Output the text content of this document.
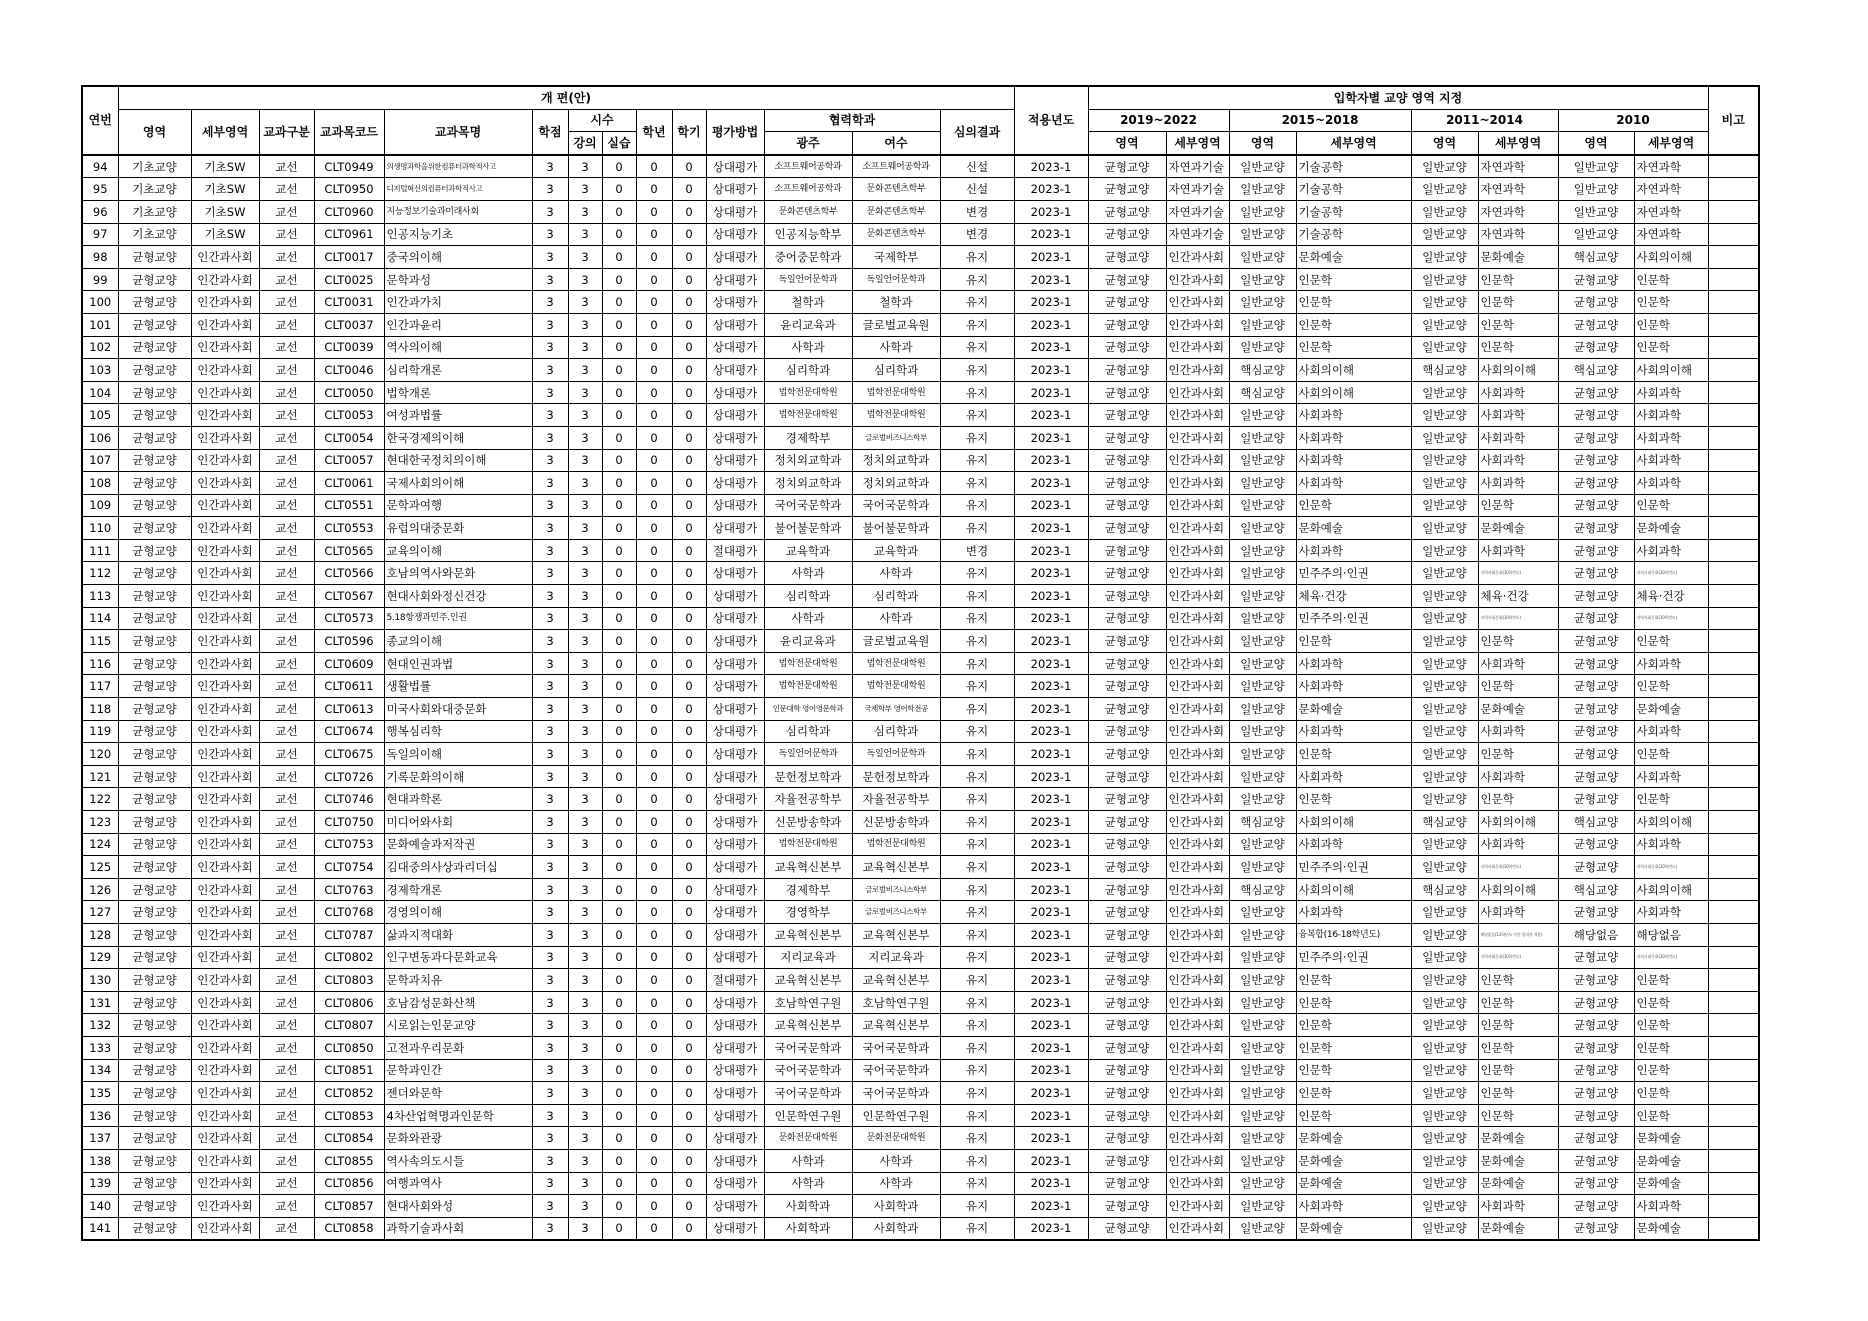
연번	개 편(안)														적용년도	입학자별 교양 영역 지정								비고
	영역	세부영역	교과구분	교과목코드	교과목명	학점	시수		학년	학기	평가방법	협력학과		심의결과		2019~2022		2015~2018		2011~2014		2010		
							강의	실습				광주	여수			영역	세부영역	영역	세부영역	영역	세부영역	영역	세부영역	
94	기초교양	기초SW	교선	CLT0949	의생명과학을위한컴퓨터과학적사고	3	3	0	0	0	상대평가	소프트웨어공학과	소프트웨어공학과	신설	2023-1	균형교양	자연과기술	일반교양	기술공학	일반교양	자연과학	일반교양	자연과학	
95	기초교양	기초SW	교선	CLT0950	디지털혁신의컴퓨터과학적사고	3	3	0	0	0	상대평가	소프트웨어공학과	문화콘텐츠학부	신설	2023-1	균형교양	자연과기술	일반교양	기술공학	일반교양	자연과학	일반교양	자연과학	
96	기초교양	기초SW	교선	CLT0960	지능정보기술과미래사회	3	3	0	0	0	상대평가	문화콘텐츠학부	문화콘텐츠학부	변경	2023-1	균형교양	자연과기술	일반교양	기술공학	일반교양	자연과학	일반교양	자연과학	
97	기초교양	기초SW	교선	CLT0961	인공지능기초	3	3	0	0	0	상대평가	인공지능학부	문화콘텐츠학부	변경	2023-1	균형교양	자연과기술	일반교양	기술공학	일반교양	자연과학	일반교양	자연과학	
98	균형교양	인간과사회	교선	CLT0017	중국의이해	3	3	0	0	0	상대평가	중어중문학과	국제학부	유지	2023-1	균형교양	인간과사회	일반교양	문화예술	일반교양	문화예술	핵심교양	사회의이해	
99	균형교양	인간과사회	교선	CLT0025	문학과성	3	3	0	0	0	상대평가	독일언어문학과	독일언어문학과	유지	2023-1	균형교양	인간과사회	일반교양	인문학	일반교양	인문학	균형교양	인문학	
100	균형교양	인간과사회	교선	CLT0031	인간과가치	3	3	0	0	0	상대평가	철학과	철학과	유지	2023-1	균형교양	인간과사회	일반교양	인문학	일반교양	인문학	균형교양	인문학	
101	균형교양	인간과사회	교선	CLT0037	인간과윤리	3	3	0	0	0	상대평가	윤리교육과	글로벌교육원	유지	2023-1	균형교양	인간과사회	일반교양	인문학	일반교양	인문학	균형교양	인문학	
102	균형교양	인간과사회	교선	CLT0039	역사의이해	3	3	0	0	0	상대평가	사학과	사학과	유지	2023-1	균형교양	인간과사회	일반교양	인문학	일반교양	인문학	균형교양	인문학	
103	균형교양	인간과사회	교선	CLT0046	심리학개론	3	3	0	0	0	상대평가	심리학과	심리학과	유지	2023-1	균형교양	인간과사회	핵심교양	사회의이해	핵심교양	사회의이해	핵심교양	사회의이해	
104	균형교양	인간과사회	교선	CLT0050	법학개론	3	3	0	0	0	상대평가	법학전문대학원	법학전문대학원	유지	2023-1	균형교양	인간과사회	핵심교양	사회의이해	일반교양	사회과학	균형교양	사회과학	
105	균형교양	인간과사회	교선	CLT0053	여성과법률	3	3	0	0	0	상대평가	법학전문대학원	법학전문대학원	유지	2023-1	균형교양	인간과사회	일반교양	사회과학	일반교양	사회과학	균형교양	사회과학	
106	균형교양	인간과사회	교선	CLT0054	한국경제의이해	3	3	0	0	0	상대평가	경제학부	글로벌비즈니스학부	유지	2023-1	균형교양	인간과사회	일반교양	사회과학	일반교양	사회과학	균형교양	사회과학	
107	균형교양	인간과사회	교선	CLT0057	현대한국정치의이해	3	3	0	0	0	상대평가	정치외교학과	정치외교학과	유지	2023-1	균형교양	인간과사회	일반교양	사회과학	일반교양	사회과학	균형교양	사회과학	
108	균형교양	인간과사회	교선	CLT0061	국제사회의이해	3	3	0	0	0	상대평가	정치외교학과	정치외교학과	유지	2023-1	균형교양	인간과사회	일반교양	사회과학	일반교양	사회과학	균형교양	사회과학	
109	균형교양	인간과사회	교선	CLT0551	문학과여행	3	3	0	0	0	상대평가	국어국문학과	국어국문학과	유지	2023-1	균형교양	인간과사회	일반교양	인문학	일반교양	인문학	균형교양	인문학	
110	균형교양	인간과사회	교선	CLT0553	유럽의대중문화	3	3	0	0	0	상대평가	불어불문학과	불어불문학과	유지	2023-1	균형교양	인간과사회	일반교양	문화예술	일반교양	문화예술	균형교양	문화예술	
111	균형교양	인간과사회	교선	CLT0565	교육의이해	3	3	0	0	0	절대평가	교육학과	교육학과	변경	2023-1	균형교양	인간과사회	일반교양	사회과학	일반교양	사회과학	균형교양	사회과학	
112	균형교양	인간과사회	교선	CLT0566	호남의역사와문화	3	3	0	0	0	상대평가	사학과	사학과	유지	2023-1	균형교양	인간과사회	일반교양	민주주의·인권	일반교양	지역사회문화(10학번도)	균형교양	지역사회문화(10학번도)	
113	균형교양	인간과사회	교선	CLT0567	현대사회와정신건강	3	3	0	0	0	상대평가	심리학과	심리학과	유지	2023-1	균형교양	인간과사회	일반교양	체육·건강	일반교양	체육·건강	균형교양	체육·건강	
114	균형교양	인간과사회	교선	CLT0573	5.18항쟁과민주.인권	3	3	0	0	0	상대평가	사학과	사학과	유지	2023-1	균형교양	인간과사회	일반교양	민주주의·인권	일반교양	지역사회문화(10학번도)	균형교양	지역사회문화(10학번도)	
115	균형교양	인간과사회	교선	CLT0596	종교의이해	3	3	0	0	0	상대평가	윤리교육과	글로벌교육원	유지	2023-1	균형교양	인간과사회	일반교양	인문학	일반교양	인문학	균형교양	인문학	
116	균형교양	인간과사회	교선	CLT0609	현대인권과법	3	3	0	0	0	상대평가	법학전문대학원	법학전문대학원	유지	2023-1	균형교양	인간과사회	일반교양	사회과학	일반교양	사회과학	균형교양	사회과학	
117	균형교양	인간과사회	교선	CLT0611	생활법률	3	3	0	0	0	상대평가	법학전문대학원	법학전문대학원	유지	2023-1	균형교양	인간과사회	일반교양	사회과학	일반교양	인문학	균형교양	인문학	
118	균형교양	인간과사회	교선	CLT0613	미국사회와대중문화	3	3	0	0	0	상대평가	인문대학 영어영문학과	국제학부 영어학전공	유지	2023-1	균형교양	인간과사회	일반교양	문화예술	일반교양	문화예술	균형교양	문화예술	
119	균형교양	인간과사회	교선	CLT0674	행복심리학	3	3	0	0	0	상대평가	심리학과	심리학과	유지	2023-1	균형교양	인간과사회	일반교양	사회과학	일반교양	사회과학	균형교양	사회과학	
120	균형교양	인간과사회	교선	CLT0675	독일의이해	3	3	0	0	0	상대평가	독일언어문학과	독일언어문학과	유지	2023-1	균형교양	인간과사회	일반교양	인문학	일반교양	인문학	균형교양	인문학	
121	균형교양	인간과사회	교선	CLT0726	기록문화의이해	3	3	0	0	0	상대평가	문헌정보학과	문헌정보학과	유지	2023-1	균형교양	인간과사회	일반교양	사회과학	일반교양	사회과학	균형교양	사회과학	
122	균형교양	인간과사회	교선	CLT0746	현대과학론	3	3	0	0	0	상대평가	자율전공학부	자율전공학부	유지	2023-1	균형교양	인간과사회	일반교양	인문학	일반교양	인문학	균형교양	인문학	
123	균형교양	인간과사회	교선	CLT0750	미디어와사회	3	3	0	0	0	상대평가	신문방송학과	신문방송학과	유지	2023-1	균형교양	인간과사회	핵심교양	사회의이해	핵심교양	사회의이해	핵심교양	사회의이해	
124	균형교양	인간과사회	교선	CLT0753	문화예술과저작권	3	3	0	0	0	상대평가	법학전문대학원	법학전문대학원	유지	2023-1	균형교양	인간과사회	일반교양	사회과학	일반교양	사회과학	균형교양	사회과학	
125	균형교양	인간과사회	교선	CLT0754	김대중의사상과리더십	3	3	0	0	0	상대평가	교육혁신본부	교육혁신본부	유지	2023-1	균형교양	인간과사회	일반교양	민주주의·인권	일반교양	지역사회문화(10학번도)	균형교양	지역사회문화(10학번도)	
126	균형교양	인간과사회	교선	CLT0763	경제학개론	3	3	0	0	0	상대평가	경제학부	글로벌비즈니스학부	유지	2023-1	균형교양	인간과사회	핵심교양	사회의이해	핵심교양	사회의이해	핵심교양	사회의이해	
127	균형교양	인간과사회	교선	CLT0768	경영의이해	3	3	0	0	0	상대평가	경영학부	글로벌비즈니스학부	유지	2023-1	균형교양	인간과사회	일반교양	사회과학	일반교양	사회과학	균형교양	사회과학	
128	균형교양	인간과사회	교선	CLT0787	삶과지적대화	3	3	0	0	0	상대평가	교육혁신본부	교육혁신본부	유지	2023-1	균형교양	인간과사회	일반교양	융복합(16-18학년도)	일반교양	해당없음(13학년도 이전 입학자 적용)	해당없음	해당없음	
129	균형교양	인간과사회	교선	CLT0802	인구변동과다문화교육	3	3	0	0	0	상대평가	지리교육과	지리교육과	유지	2023-1	균형교양	인간과사회	일반교양	민주주의·인권	일반교양	지역사회문화(10학번도)	균형교양	지역사회문화(10학번도)	
130	균형교양	인간과사회	교선	CLT0803	문학과치유	3	3	0	0	0	절대평가	교육혁신본부	교육혁신본부	유지	2023-1	균형교양	인간과사회	일반교양	인문학	일반교양	인문학	균형교양	인문학	
131	균형교양	인간과사회	교선	CLT0806	호남감성문화산책	3	3	0	0	0	상대평가	호남학연구원	호남학연구원	유지	2023-1	균형교양	인간과사회	일반교양	인문학	일반교양	인문학	균형교양	인문학	
132	균형교양	인간과사회	교선	CLT0807	시로읽는인문교양	3	3	0	0	0	상대평가	교육혁신본부	교육혁신본부	유지	2023-1	균형교양	인간과사회	일반교양	인문학	일반교양	인문학	균형교양	인문학	
133	균형교양	인간과사회	교선	CLT0850	고전과우리문화	3	3	0	0	0	상대평가	국어국문학과	국어국문학과	유지	2023-1	균형교양	인간과사회	일반교양	인문학	일반교양	인문학	균형교양	인문학	
134	균형교양	인간과사회	교선	CLT0851	문학과인간	3	3	0	0	0	상대평가	국어국문학과	국어국문학과	유지	2023-1	균형교양	인간과사회	일반교양	인문학	일반교양	인문학	균형교양	인문학	
135	균형교양	인간과사회	교선	CLT0852	젠더와문학	3	3	0	0	0	상대평가	국어국문학과	국어국문학과	유지	2023-1	균형교양	인간과사회	일반교양	인문학	일반교양	인문학	균형교양	인문학	
136	균형교양	인간과사회	교선	CLT0853	4차산업혁명과인문학	3	3	0	0	0	상대평가	인문학연구원	인문학연구원	유지	2023-1	균형교양	인간과사회	일반교양	인문학	일반교양	인문학	균형교양	인문학	
137	균형교양	인간과사회	교선	CLT0854	문화와관광	3	3	0	0	0	상대평가	문화전문대학원	문화전문대학원	유지	2023-1	균형교양	인간과사회	일반교양	문화예술	일반교양	문화예술	균형교양	문화예술	
138	균형교양	인간과사회	교선	CLT0855	역사속의도시들	3	3	0	0	0	상대평가	사학과	사학과	유지	2023-1	균형교양	인간과사회	일반교양	문화예술	일반교양	문화예술	균형교양	문화예술	
139	균형교양	인간과사회	교선	CLT0856	여행과역사	3	3	0	0	0	상대평가	사학과	사학과	유지	2023-1	균형교양	인간과사회	일반교양	문화예술	일반교양	문화예술	균형교양	문화예술	
140	균형교양	인간과사회	교선	CLT0857	현대사회와성	3	3	0	0	0	상대평가	사회학과	사회학과	유지	2023-1	균형교양	인간과사회	일반교양	사회과학	일반교양	사회과학	균형교양	사회과학	
141	균형교양	인간과사회	교선	CLT0858	과학기술과사회	3	3	0	0	0	상대평가	사회학과	사회학과	유지	2023-1	균형교양	인간과사회	일반교양	문화예술	일반교양	문화예술	균형교양	문화예술	
